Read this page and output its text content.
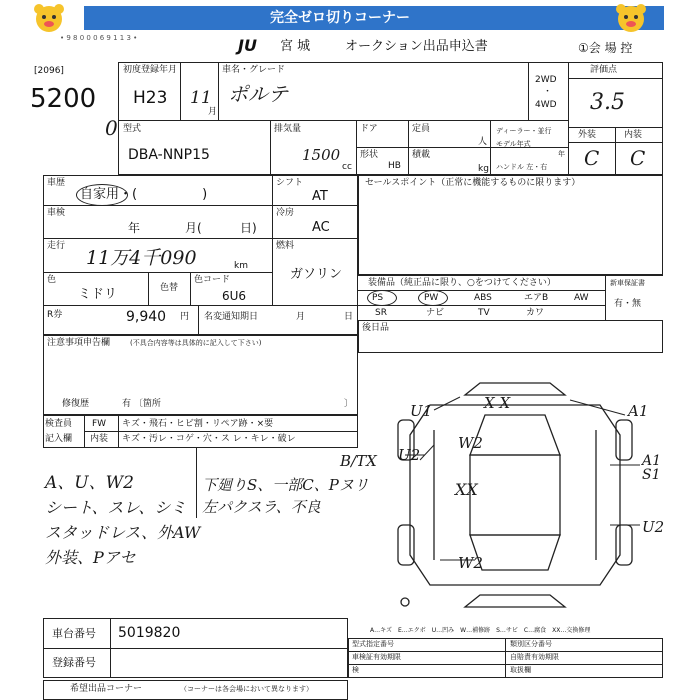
完全ゼロ切りコーナー
• 9 8 0 0 0 6 9 1 1 3 •	JU 宮 城	オークション出品申込書	①会 場 控
[2096]
5200
0
初度登録年月
H23 11
月
車名・グレード
ポルテ
2WD
・
4WD
評価点
3.5
外装	内装
C C
型式
DBA-NNP15
排気量
1500
cc
ドア
形状
HB
定員
人
積載
kg
ディーラー・並行
モデル年式
年
ハンドル 左・右
車歴
自家用・(　　　　　)
シフト
AT
車検
年	月(	日)
冷房
AC
走行
11万4千090	km
燃料
ガソリン
色
ミドリ	色替
色コード
6U6
R券	9,940 円 名変通知期日	月	日
セールスポイント（正常に機能するものに限ります）
装備品（純正品に限り、○をつけてください）	新車保証書
有・無
PS	PW	ABS	エアB	AW
SR	ナビ	TV	カワ
後日品
注意事項申告欄	(不具合内容等は具体的に記入して下さい)
修復歴	有 〔箇所	〕
検査員
記入欄
FW
内装
キズ・飛石・ヒビ割・リペア跡・×要
キズ・汚レ・コゲ・穴・ス レ・キレ・破レ
A、U、W2
シート、スレ、シミ
スタッドレス、外AW
外装、Pアセ
下廻りS、一部C、Pヌリ
左パクスラ、不良
B/TX
X X
U1	A1
W2
U2
XX
A1
S1
U2
W2
A…キズ　E…エクボ　U…凹み　W…補修跡　S…サビ　C…腐食　XX…交換修理
車台番号 5019820
登録番号
型式指定番号	類別区分番号
車検証有効期限	自賠責有効期限
検	取扱欄
希望出品コーナー	（コーナーは各会場において異なります）
